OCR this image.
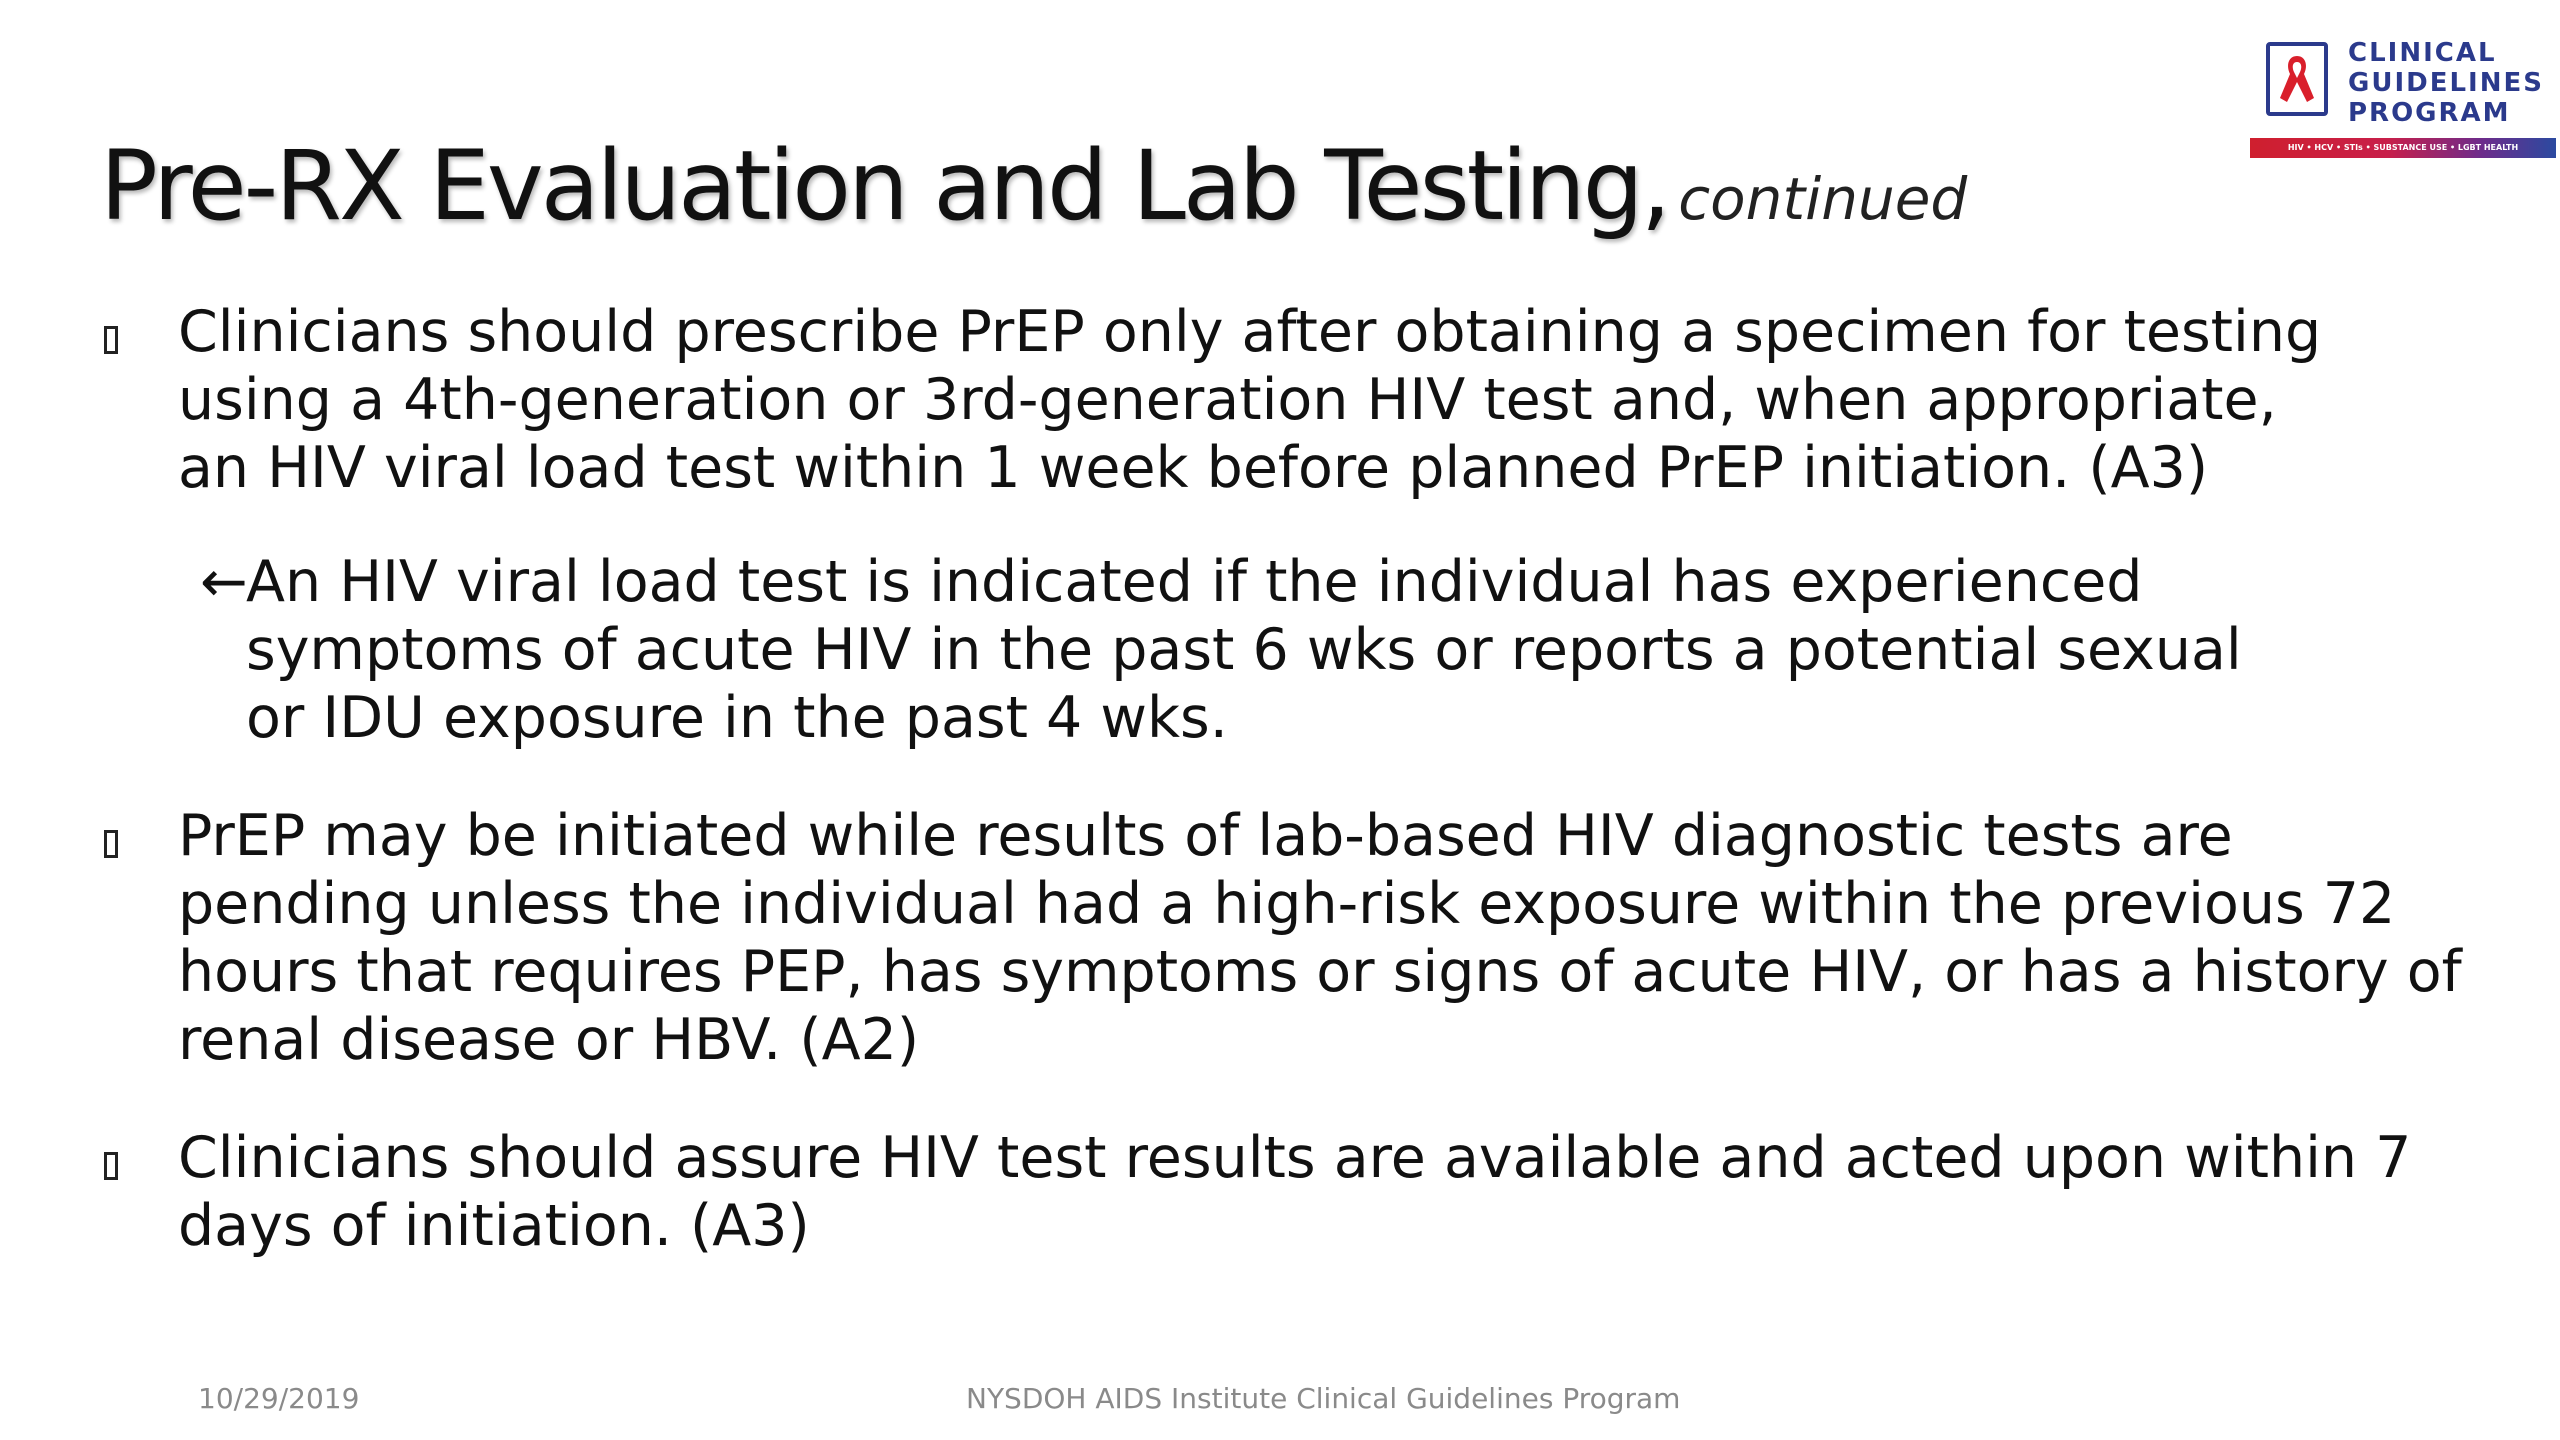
Pre-RX Evaluation and Lab Testing, continued
CLINICAL
GUIDELINES
PROGRAM
HIV • HCV • STIs • SUBSTANCE USE • LGBT HEALTH
Clinicians should prescribe PrEP only after obtaining a specimen for testing
using a 4th-generation or 3rd-generation HIV test and, when appropriate,
an HIV viral load test within 1 week before planned PrEP initiation. (A3)
←
An HIV viral load test is indicated if the individual has experienced
symptoms of acute HIV in the past 6 wks or reports a potential sexual
or IDU exposure in the past 4 wks.
PrEP may be initiated while results of lab-based HIV diagnostic tests are
pending unless the individual had a high-risk exposure within the previous 72
hours that requires PEP, has symptoms or signs of acute HIV, or has a history of
renal disease or HBV. (A2)
Clinicians should assure HIV test results are available and acted upon within 7
days of initiation. (A3)
10/29/2019	NYSDOH AIDS Institute Clinical Guidelines Program
